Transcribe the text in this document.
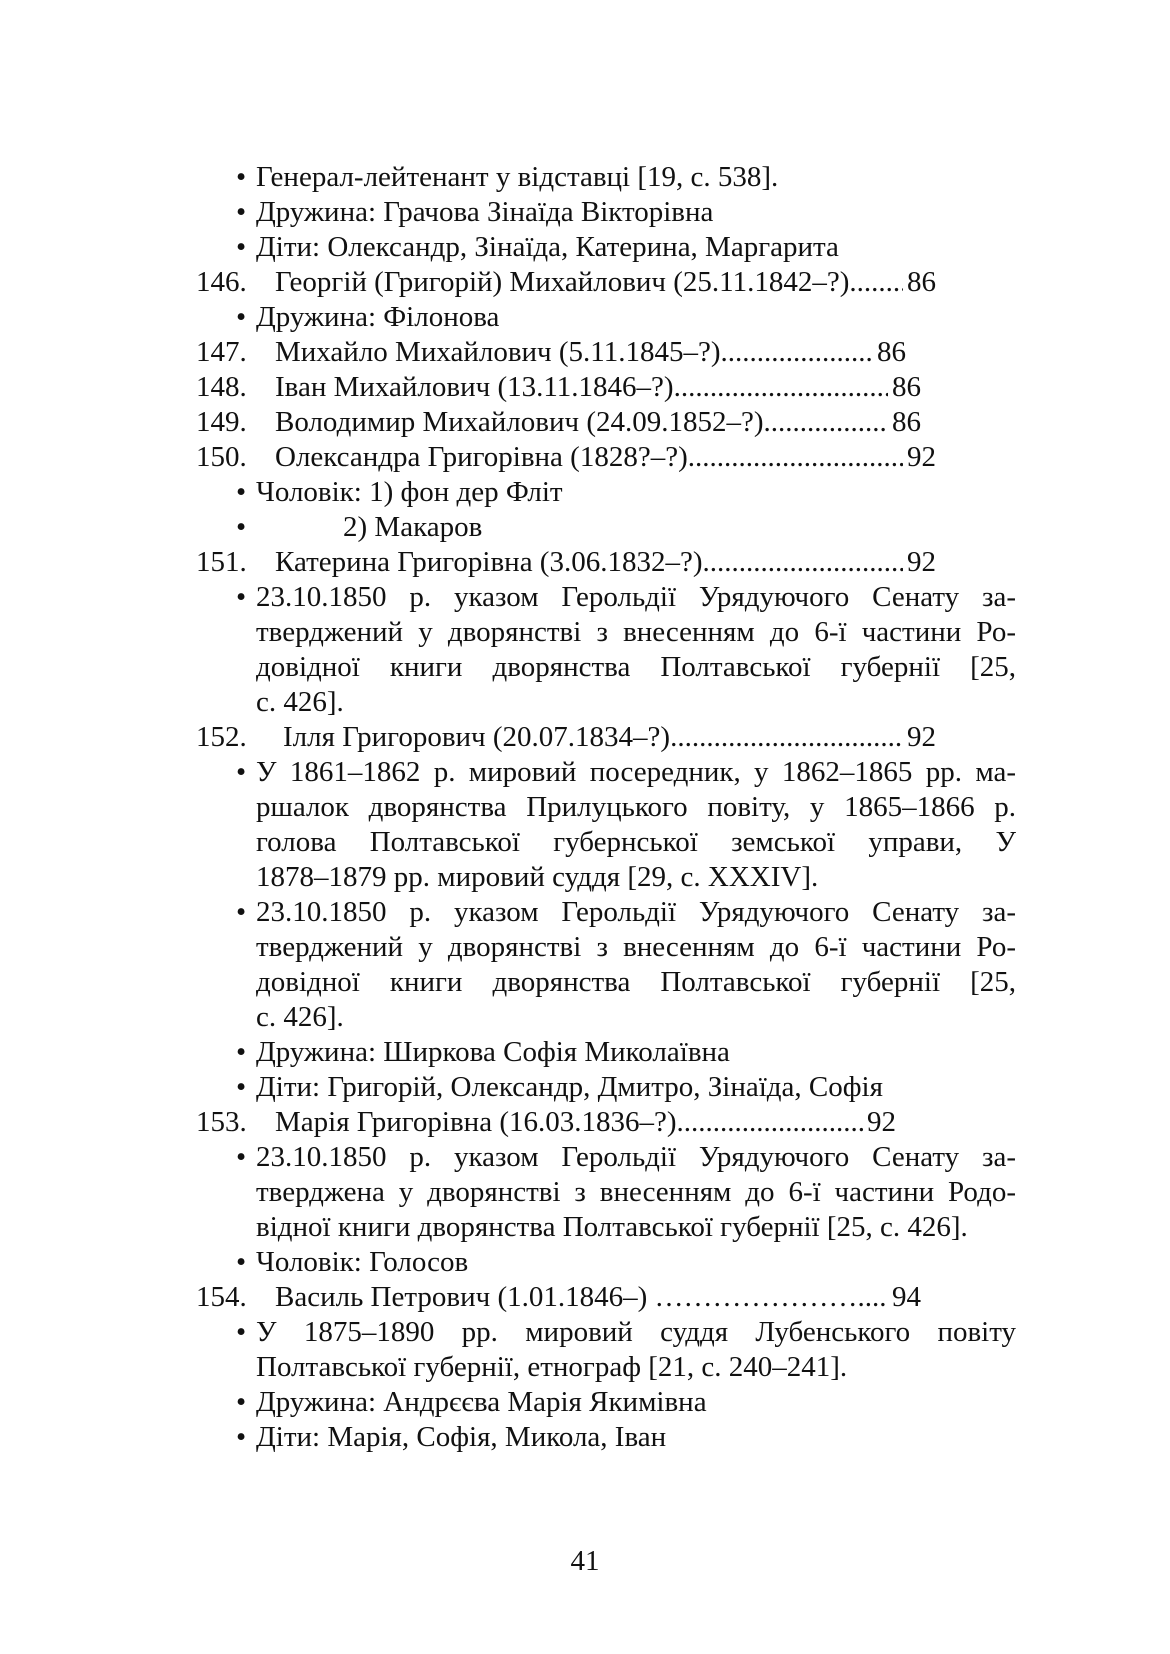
• Генерал-лейтенант у відставці [19, с. 538].
• Дружина: Грачова Зінаїда Вікторівна
• Діти: Олександр, Зінаїда, Катерина, Маргарита
146. Георгій (Григорій) Михайлович (25.11.1842–?) ..... 86
• Дружина: Філонова
147. Михайло Михайлович (5.11.1845–?) .....	86
148. Іван Михайлович (13.11.1846–?) .....	86
149. Володимир Михайлович (24.09.1852–?) .....	86
150. Олександра Григорівна (1828?–?) .....	92
• Чоловік: 1) фон дер Фліт
• 2) Макаров
151. Катерина Григорівна (3.06.1832–?) .....	92
• 23.10.1850 р. указом Герольдії Урядуючого Сенату за-
тверджений у дворянстві з внесенням до 6-ї частини Ро-
довідної книги дворянства Полтавської губернії [25,
с. 426].
152.	Ілля Григорович (20.07.1834–?) .....	92
• У 1861–1862 р. мировий посередник, у 1862–1865 рр. ма-
ршалок дворянства Прилуцького повіту, у 1865–1866 р.
голова Полтавської губернської земської управи, У
1878–1879 рр. мировий суддя [29, с. XXXIV].
• 23.10.1850 р. указом Герольдії Урядуючого Сенату за-
тверджений у дворянстві з внесенням до 6-ї частини Ро-
довідної книги дворянства Полтавської губернії [25,
с. 426].
• Дружина: Ширкова Софія Миколаївна
• Діти: Григорій, Олександр, Дмитро, Зінаїда, Софія
153. Марія Григорівна (16.03.1836–?) .....	92
• 23.10.1850 р. указом Герольдії Урядуючого Сенату за-
тверджена у дворянстві з внесенням до 6-ї частини Родо-
відної книги дворянства Полтавської губернії [25, с. 426].
• Чоловік: Голосов
154. Василь Петрович (1.01.1846–) ………………….... 94
• У 1875–1890 рр. мировий суддя Лубенського повіту
Полтавської губернії, етнограф [21, с. 240–241].
• Дружина: Андрєєва Марія Якимівна
• Діти: Марія, Софія, Микола, Іван
41
